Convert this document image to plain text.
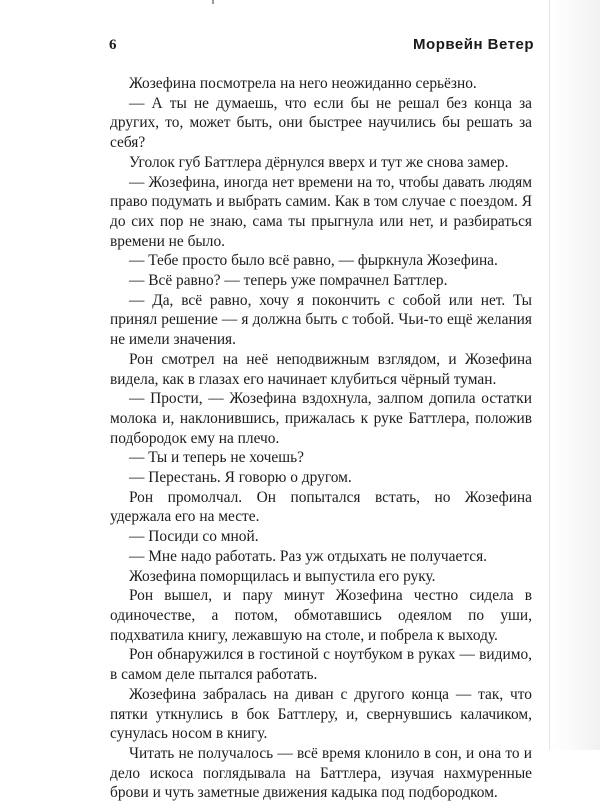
6	Морвейн Ветер

Жозефина посмотрела на него неожиданно серьёзно.

— А ты не думаешь, что если бы не решал без конца за других, то, может быть, они быстрее научились бы решать за себя?

Уголок губ Баттлера дёрнулся вверх и тут же снова замер.

— Жозефина, иногда нет времени на то, чтобы давать людям право подумать и выбрать самим. Как в том случае с поездом. Я до сих пор не знаю, сама ты прыгнула или нет, и разбираться времени не было.

— Тебе просто было всё равно, — фыркнула Жозефина.

— Всё равно? — теперь уже помрачнел Баттлер.

— Да, всё равно, хочу я покончить с собой или нет. Ты принял решение — я должна быть с тобой. Чьи-то ещё желания не имели значения.

Рон смотрел на неё неподвижным взглядом, и Жозефина видела, как в глазах его начинает клубиться чёрный туман.

— Прости, — Жозефина вздохнула, залпом допила остатки молока и, наклонившись, прижалась к руке Баттлера, положив подбородок ему на плечо.

— Ты и теперь не хочешь?

— Перестань. Я говорю о другом.

Рон промолчал. Он попытался встать, но Жозефина удержала его на месте.

— Посиди со мной.

— Мне надо работать. Раз уж отдыхать не получается.

Жозефина поморщилась и выпустила его руку.

Рон вышел, и пару минут Жозефина честно сидела в одиночестве, а потом, обмотавшись одеялом по уши, подхватила книгу, лежавшую на столе, и побрела к выходу.

Рон обнаружился в гостиной с ноутбуком в руках — видимо, в самом деле пытался работать.

Жозефина забралась на диван с другого конца — так, что пятки уткнулись в бок Баттлеру, и, свернувшись калачиком, сунулась носом в книгу.

Читать не получалось — всё время клонило в сон, и она то и дело искоса поглядывала на Баттлера, изучая нахмуренные брови и чуть заметные движения кадыка под подбородком.
